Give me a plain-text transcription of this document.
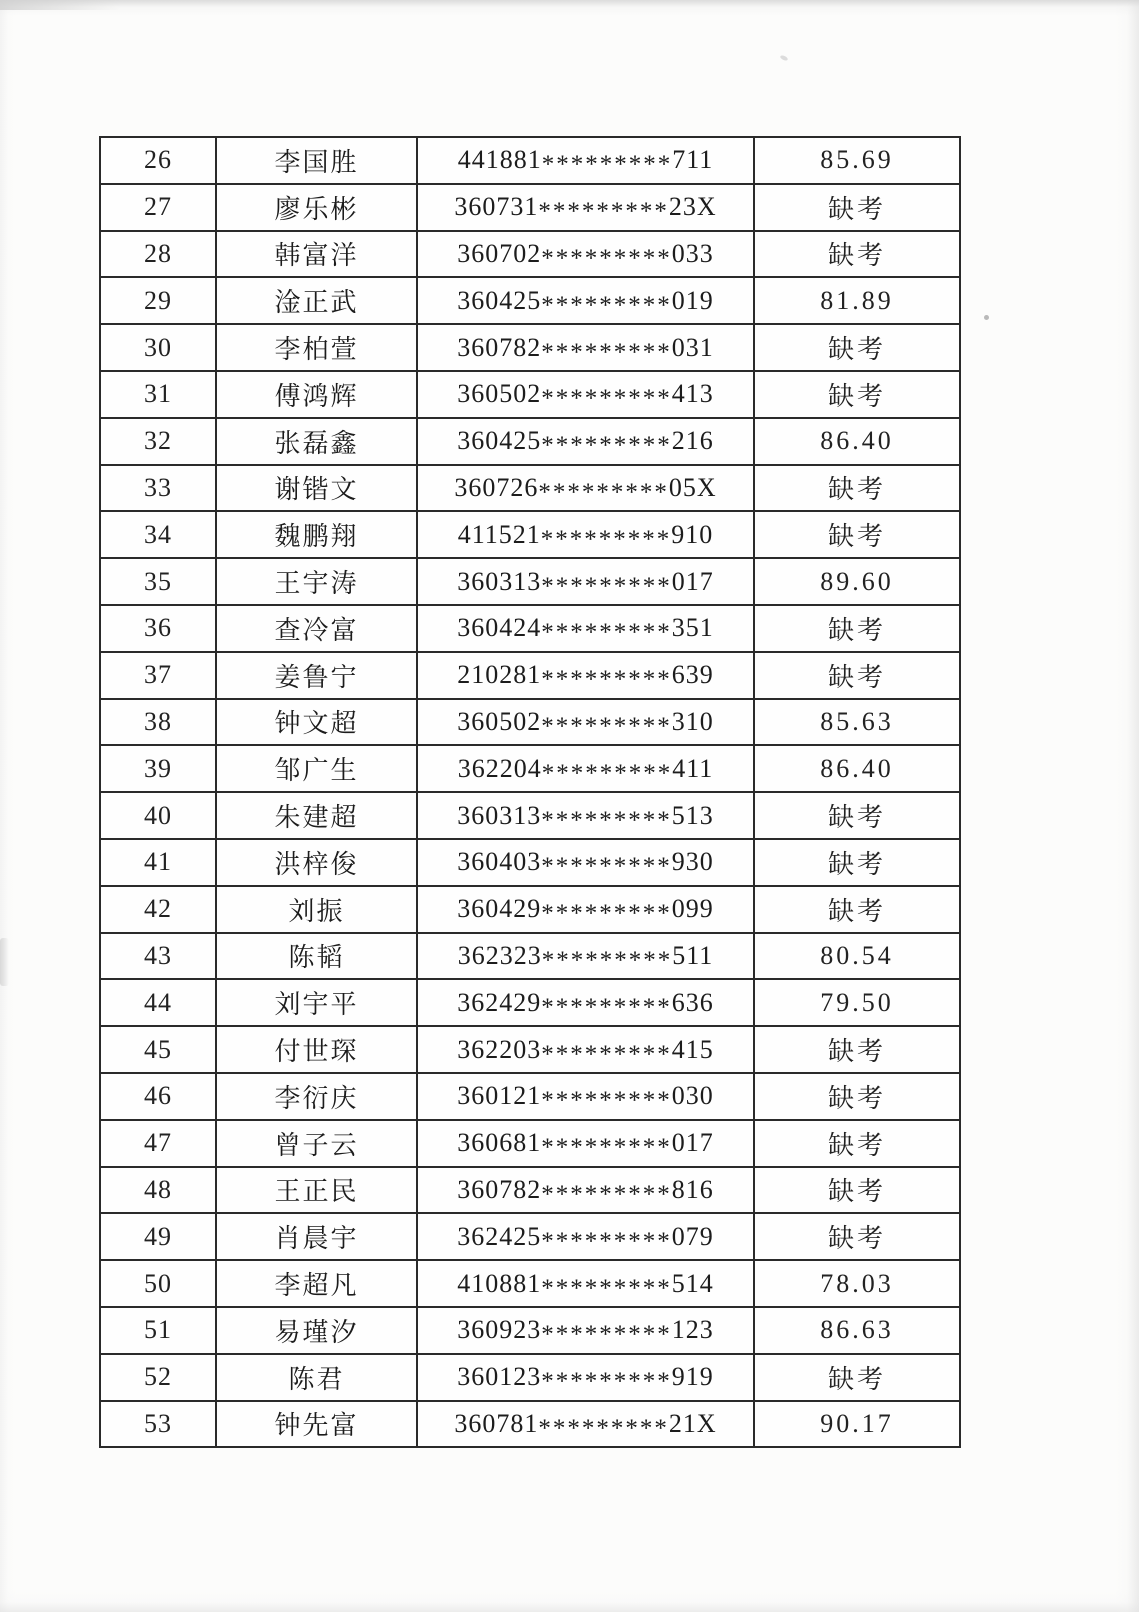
26	李国胜	441881*********711	85.69
27	廖乐彬	360731*********23X	缺考
28	韩富洋	360702*********033	缺考
29	淦正武	360425*********019	81.89
30	李柏萱	360782*********031	缺考
31	傅鸿辉	360502*********413	缺考
32	张磊鑫	360425*********216	86.40
33	谢锴文	360726*********05X	缺考
34	魏鹏翔	411521*********910	缺考
35	王宇涛	360313*********017	89.60
36	查冷富	360424*********351	缺考
37	姜鲁宁	210281*********639	缺考
38	钟文超	360502*********310	85.63
39	邹广生	362204*********411	86.40
40	朱建超	360313*********513	缺考
41	洪梓俊	360403*********930	缺考
42	刘振	360429*********099	缺考
43	陈韬	362323*********511	80.54
44	刘宇平	362429*********636	79.50
45	付世琛	362203*********415	缺考
46	李衍庆	360121*********030	缺考
47	曾子云	360681*********017	缺考
48	王正民	360782*********816	缺考
49	肖晨宇	362425*********079	缺考
50	李超凡	410881*********514	78.03
51	易瑾汐	360923*********123	86.63
52	陈君	360123*********919	缺考
53	钟先富	360781*********21X	90.17
